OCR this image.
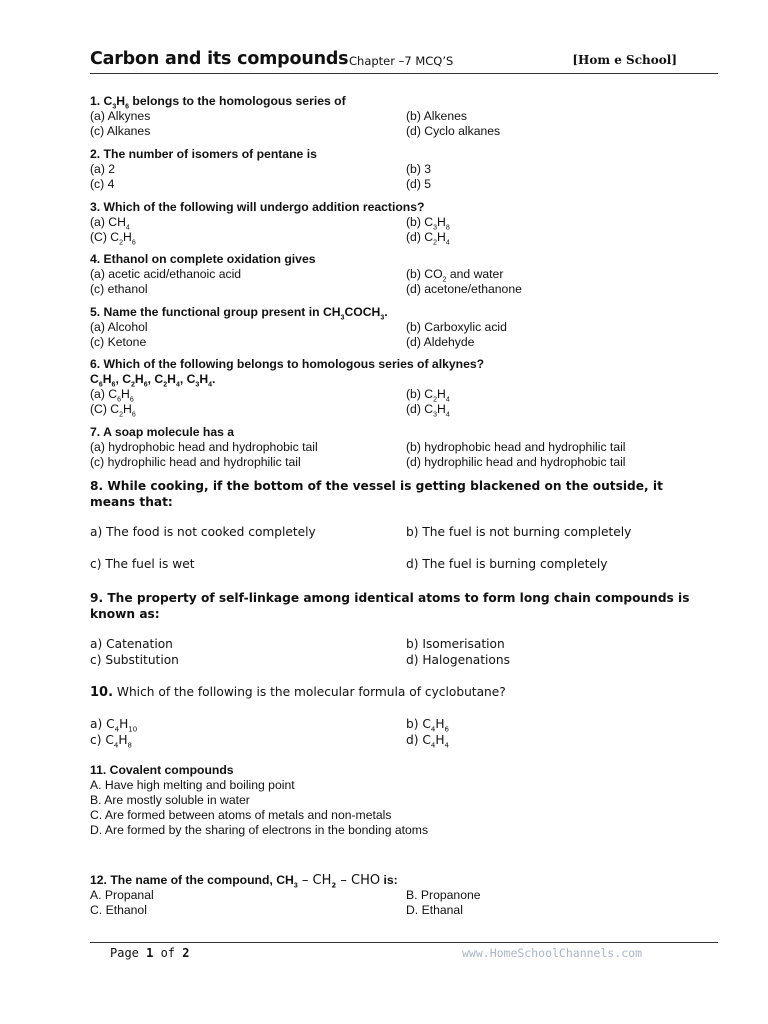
Carbon and its compounds Chapter –7 MCQ’S	[Hom e School]
1. $C_3H_6$ belongs to the homologous series of
(a) Alkynes	(b) Alkenes
(c) Alkanes	(d) Cyclo alkanes
2. The number of isomers of pentane is
(a) 2	(b) 3
(c) 4	(d) 5
3. Which of the following will undergo addition reactions?
(a) $CH_4$	(b) $C_3H_8$
(C) $C_2H_6$	(d) $C_2H_4$
4. Ethanol on complete oxidation gives
(a) acetic acid/ethanoic acid	(b) $CO_2$ and water
(c) ethanol	(d) acetone/ethanone
5. Name the functional group present in $CH_3COCH_3$.
(a) Alcohol	(b) Carboxylic acid
(c) Ketone	(d) Aldehyde
6. Which of the following belongs to homologous series of alkynes?
$C_6H_6$, $C_2H_6$, $C_2H_4$, $C_3H_4$.
(a) $C_6H_6$	(b) $C_2H_4$
(C) $C_2H_6$	(d) $C_3H_4$
7. A soap molecule has a
(a) hydrophobic head and hydrophobic tail	(b) hydrophobic head and hydrophilic tail
(c) hydrophilic head and hydrophilic tail	(d) hydrophilic head and hydrophobic tail
8. While cooking, if the bottom of the vessel is getting blackened on the outside, it
means that:
a) The food is not cooked completely	b) The fuel is not burning completely
c) The fuel is wet	d) The fuel is burning completely
9. The property of self-linkage among identical atoms to form long chain compounds is
known as:
a) Catenation	b) Isomerisation
c) Substitution	d) Halogenations
10. Which of the following is the molecular formula of cyclobutane?
a) $C_4H_{10}$	b) $C_4H_6$
c) $C_4H_8$	d) $C_4H_4$
11. Covalent compounds
A. Have high melting and boiling point
B. Are mostly soluble in water
C. Are formed between atoms of metals and non-metals
D. Are formed by the sharing of electrons in the bonding atoms
12. The name of the compound, $CH_3 - CH_2$ – CHO is:
A. Propanal	B. Propanone
C. Ethanol	D. Ethanal
Page 1 of 2	www.HomeSchoolChannels.com
